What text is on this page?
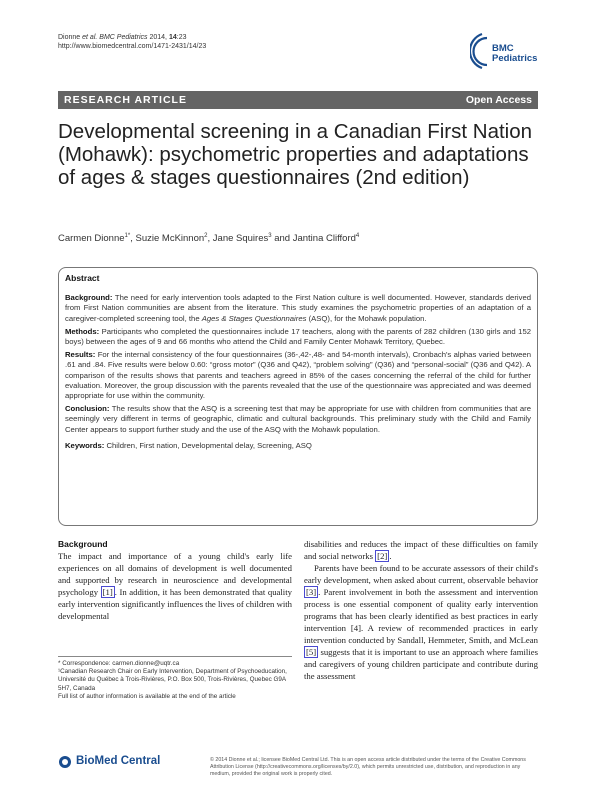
Dionne et al. BMC Pediatrics 2014, 14:23
http://www.biomedcentral.com/1471-2431/14/23	BMC
Pediatrics
RESEARCH ARTICLE	Open Access
Developmental screening in a Canadian First Nation (Mohawk): psychometric properties and adaptations of ages & stages questionnaires (2nd edition)
Carmen Dionne$^{1*}$, Suzie McKinnon$^2$, Jane Squires$^3$ and Jantina Clifford$^4$
Abstract

Background: The need for early intervention tools adapted to the First Nation culture is well documented. However, standards derived from First Nation communities are absent from the literature. This study examines the psychometric properties of an adaptation of a caregiver-completed screening tool, the Ages & Stages Questionnaires (ASQ), for the Mohawk population.

Methods: Participants who completed the questionnaires include 17 teachers, along with the parents of 282 children (130 girls and 152 boys) between the ages of 9 and 66 months who attend the Child and Family Center Mohawk Territory, Quebec.

Results: For the internal consistency of the four questionnaires (36-,42-,48- and 54-month intervals), Cronbach's alphas varied between .61 and .84. Five results were below 0.60: “gross motor” (Q36 and Q42), “problem solving” (Q36) and “personal-social” (Q36 and Q42). A comparison of the results shows that parents and teachers agreed in 85% of the cases concerning the referral of the child for further evaluation. Moreover, the group discussion with the parents revealed that the use of the questionnaire was appreciated and was deemed appropriate for use within the community.

Conclusion: The results show that the ASQ is a screening test that may be appropriate for use with children from communities that are seemingly very different in terms of geographic, climatic and cultural backgrounds. This preliminary study with the Child and Family Center appears to support further study and the use of the ASQ with the Mohawk population.

Keywords: Children, First nation, Developmental delay, Screening, ASQ

Background

The impact and importance of a young child's early life experiences on all domains of development is well documented and supported by research in neuroscience and developmental psychology [1] . In addition, it has been demonstrated that quality early intervention significantly influences the lives of children with developmental

* Correspondence: carmen.dionne@uqtr.ca
¹Canadian Research Chair on Early Intervention, Department of Psychoeducation, Université du Québec à Trois-Rivières, P.O. Box 500, Trois-Rivières, Quebec G9A 5H7, Canada
Full list of author information is available at the end of the article

disabilities and reduces the impact of these difficulties on family and social networks [2] .

Parents have been found to be accurate assessors of their child's early development, when asked about current, observable behavior [3] . Parent involvement in both the assessment and intervention process is one essential component of quality early intervention programs that has been clearly identified as best practices in early intervention [4]. A review of recommended practices in early intervention conducted by Sandall, Hemmeter, Smith, and McLean [5] suggests that it is important to use an approach where families and caregivers of young children participate and contribute during the assessment

BioMed Central	© 2014 Dionne et al.; licensee BioMed Central Ltd. This is an open access article distributed under the terms of the Creative Commons Attribution License (http://creativecommons.org/licenses/by/2.0), which permits unrestricted use, distribution, and reproduction in any medium, provided the original work is properly cited.
